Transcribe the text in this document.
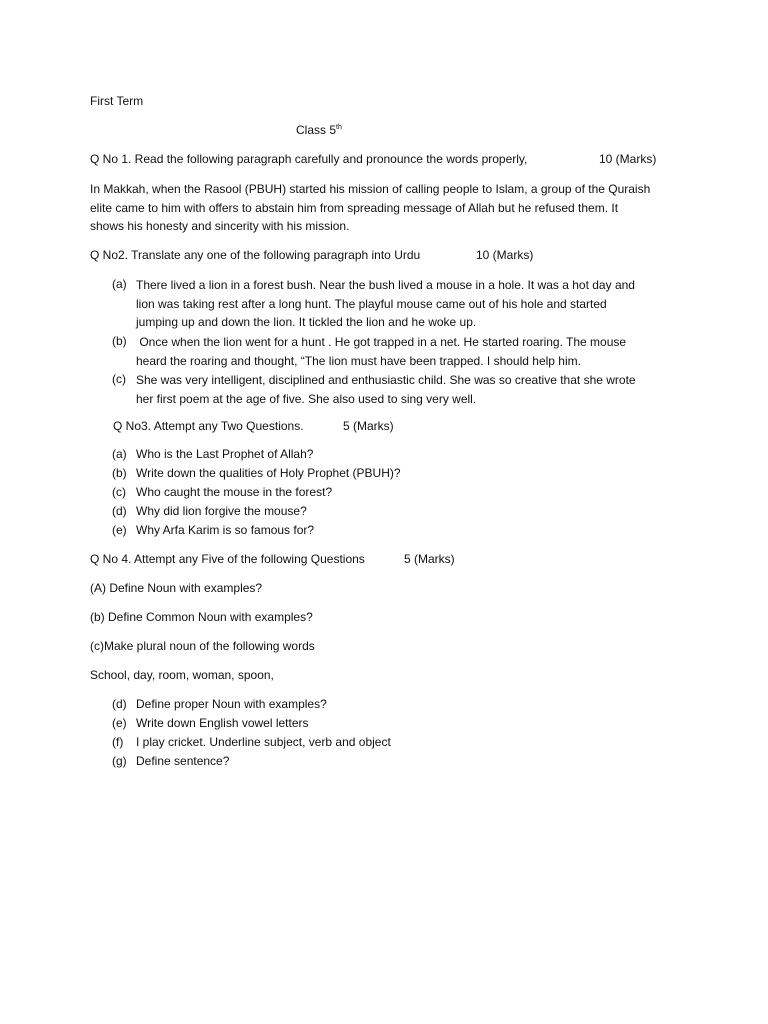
First Term
Class 5th
Q No 1. Read the following paragraph carefully and pronounce the words properly,	10 (Marks)
In Makkah, when the Rasool (PBUH) started his mission of calling people to Islam, a group of the Quraish
elite came to him with offers to abstain him from spreading message of Allah but he refused them. It
shows his honesty and sincerity with his mission.
Q No2. Translate any one of the following paragraph into Urdu	10 (Marks)
(a) There lived a lion in a forest bush. Near the bush lived a mouse in a hole. It was a hot day and
lion was taking rest after a long hunt. The playful mouse came out of his hole and started
jumping up and down the lion. It tickled the lion and he woke up.
(b) Once when the lion went for a hunt . He got trapped in a net. He started roaring. The mouse
heard the roaring and thought, “The lion must have been trapped. I should help him.
(c) She was very intelligent, disciplined and enthusiastic child. She was so creative that she wrote
her first poem at the age of five. She also used to sing very well.
Q No3. Attempt any Two Questions.	5 (Marks)
(a) Who is the Last Prophet of Allah?
(b) Write down the qualities of Holy Prophet (PBUH)?
(c) Who caught the mouse in the forest?
(d) Why did lion forgive the mouse?
(e) Why Arfa Karim is so famous for?
Q No 4. Attempt any Five of the following Questions	5 (Marks)
(A) Define Noun with examples?
(b) Define Common Noun with examples?
(c)Make plural noun of the following words
School, day, room, woman, spoon,
(d) Define proper Noun with examples?
(e) Write down English vowel letters
(f) I play cricket. Underline subject, verb and object
(g) Define sentence?
